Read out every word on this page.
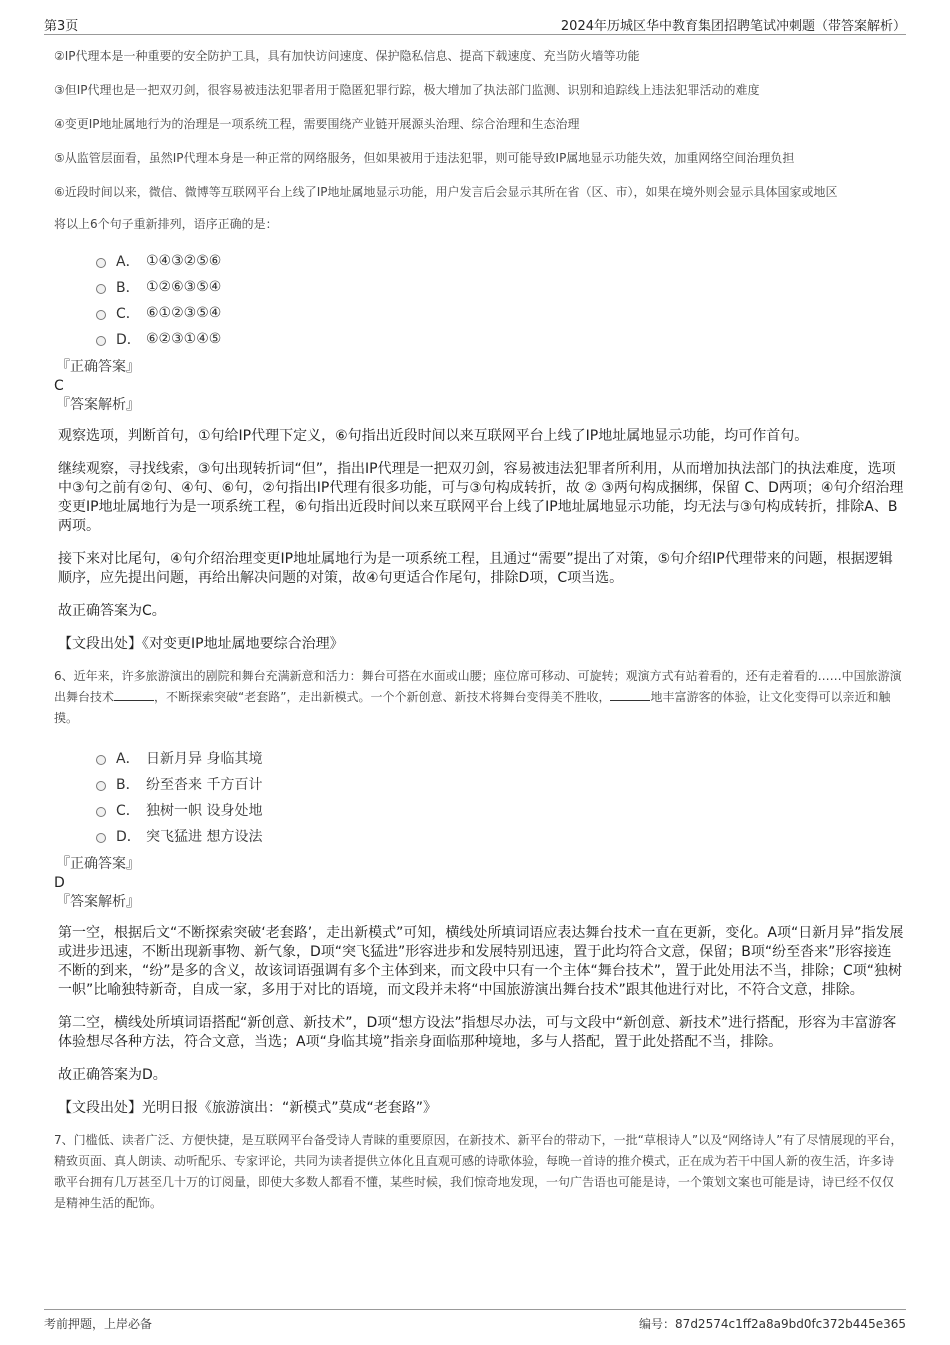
第3页	2024年历城区华中教育集团招聘笔试冲刺题（带答案解析）

②IP代理本是一种重要的安全防护工具，具有加快访问速度、保护隐私信息、提高下载速度、充当防火墙等功能

③但IP代理也是一把双刃剑，很容易被违法犯罪者用于隐匿犯罪行踪，极大增加了执法部门监测、识别和追踪线上违法犯罪活动的难度

④变更IP地址属地行为的治理是一项系统工程，需要围绕产业链开展源头治理、综合治理和生态治理

⑤从监管层面看，虽然IP代理本身是一种正常的网络服务，但如果被用于违法犯罪，则可能导致IP属地显示功能失效，加重网络空间治理负担

⑥近段时间以来，微信、微博等互联网平台上线了IP地址属地显示功能，用户发言后会显示其所在省（区、市），如果在境外则会显示具体国家或地区

将以上6个句子重新排列，语序正确的是：

A． ①④③②⑤⑥
B． ①②⑥③⑤④
C． ⑥①②③⑤④
D． ⑥②③①④⑤

『正确答案』

C

『答案解析』

观察选项，判断首句，①句给IP代理下定义，⑥句指出近段时间以来互联网平台上线了IP地址属地显示功能，均可作首句。

继续观察，寻找线索，③句出现转折词“但”，指出IP代理是一把双刃剑，容易被违法犯罪者所利用，从而增加执法部门的执法难度，选项中③句之前有②句、④句、⑥句，②句指出IP代理有很多功能，可与③句构成转折，故 ② ③两句构成捆绑，保留 C、D两项；④句介绍治理变更IP地址属地行为是一项系统工程，⑥句指出近段时间以来互联网平台上线了IP地址属地显示功能，均无法与③句构成转折，排除A、B两项。

接下来对比尾句，④句介绍治理变更IP地址属地行为是一项系统工程，且通过“需要”提出了对策，⑤句介绍IP代理带来的问题，根据逻辑顺序，应先提出问题，再给出解决问题的对策，故④句更适合作尾句，排除D项，C项当选。

故正确答案为C。

【文段出处】《对变更IP地址属地要综合治理》

6、近年来，许多旅游演出的剧院和舞台充满新意和活力：舞台可搭在水面或山腰；座位席可移动、可旋转；观演方式有站着看的，还有走着看的……中国旅游演出舞台技术	，不断探索突破“老套路”，走出新模式。一个个新创意、新技术将舞台变得美不胜收，	地丰富游客的体验，让文化变得可以亲近和触摸。

A． 日新月异 身临其境
B． 纷至沓来 千方百计
C． 独树一帜 设身处地
D． 突飞猛进 想方设法

『正确答案』

D

『答案解析』

第一空，根据后文“不断探索突破‘老套路’，走出新模式”可知，横线处所填词语应表达舞台技术一直在更新，变化。A项“日新月异”指发展或进步迅速，不断出现新事物、新气象，D项“突飞猛进”形容进步和发展特别迅速，置于此均符合文意，保留；B项“纷至沓来”形容接连不断的到来，“纷”是多的含义，故该词语强调有多个主体到来，而文段中只有一个主体“舞台技术”，置于此处用法不当，排除；C项“独树一帜”比喻独特新奇，自成一家，多用于对比的语境，而文段并未将“中国旅游演出舞台技术”跟其他进行对比，不符合文意，排除。

第二空，横线处所填词语搭配“新创意、新技术”，D项“想方设法”指想尽办法，可与文段中“新创意、新技术”进行搭配，形容为丰富游客体验想尽各种方法，符合文意，当选；A项“身临其境”指亲身面临那种境地，多与人搭配，置于此处搭配不当，排除。

故正确答案为D。

【文段出处】光明日报《旅游演出：“新模式”莫成“老套路”》

7、门槛低、读者广泛、方便快捷，是互联网平台备受诗人青睐的重要原因，在新技术、新平台的带动下，一批“草根诗人”以及“网络诗人”有了尽情展现的平台，精致页面、真人朗读、动听配乐、专家评论，共同为读者提供立体化且直观可感的诗歌体验，每晚一首诗的推介模式，正在成为若干中国人新的夜生活，许多诗歌平台拥有几万甚至几十万的订阅量，即使大多数人都看不懂，某些时候，我们惊奇地发现，一句广告语也可能是诗，一个策划文案也可能是诗，诗已经不仅仅是精神生活的配饰。

考前押题，上岸必备	编号：87d2574c1ff2a8a9bd0fc372b445e365
